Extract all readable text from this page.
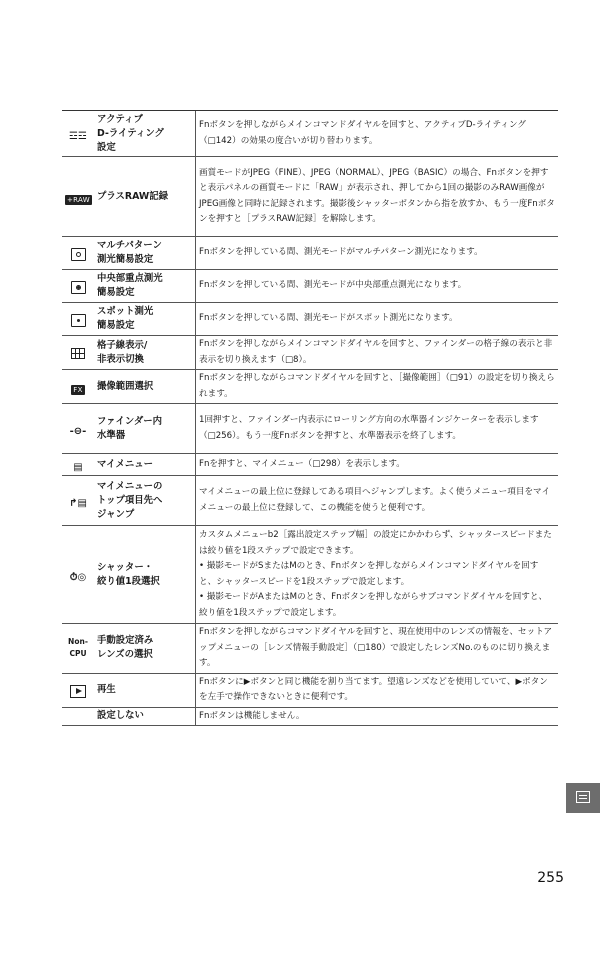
☲☲	アクティブ
D-ライティング
設定	Fnボタンを押しながらメインコマンドダイヤルを回すと、アクティブD-ライティング（□142）の効果の度合いが切り替わります。
+RAW	プラスRAW記録	画質モードがJPEG（FINE）、JPEG（NORMAL）、JPEG（BASIC）の場合、Fnボタンを押すと表示パネルの画質モードに「RAW」が表示され、押してから1回の撮影のみRAW画像がJPEG画像と同時に記録されます。撮影後シャッターボタンから指を放すか、もう一度Fnボタンを押すと［プラスRAW記録］を解除します。

	マルチパターン
測光簡易設定	Fnボタンを押している間、測光モードがマルチパターン測光になります。

	中央部重点測光
簡易設定	Fnボタンを押している間、測光モードが中央部重点測光になります。

	スポット測光
簡易設定	Fnボタンを押している間、測光モードがスポット測光になります。
	格子線表示/
非表示切換	Fnボタンを押しながらメインコマンドダイヤルを回すと、ファインダーの格子線の表示と非表示を切り換えます（□8）。
FX	撮像範囲選択	Fnボタンを押しながらコマンドダイヤルを回すと、［撮像範囲］（□91）の設定を切り換えられます。
-⊖-	ファインダー内
水準器	1回押すと、ファインダー内表示にローリング方向の水準器インジケーターを表示します（□256）。もう一度Fnボタンを押すと、水準器表示を終了します。
▤	マイメニュー	Fnを押すと、マイメニュー（□298）を表示します。
↱▤	マイメニューの
トップ項目先へ
ジャンプ	マイメニューの最上位に登録してある項目へジャンプします。よく使うメニュー項目をマイメニューの最上位に登録して、この機能を使うと便利です。
⏱◎	シャッター・
絞り値1段選択	カスタムメニューb2［露出設定ステップ幅］の設定にかかわらず、シャッタースピードまたは絞り値を1段ステップで設定できます。
• 撮影モードがSまたはMのとき、Fnボタンを押しながらメインコマンドダイヤルを回すと、シャッタースピードを1段ステップで設定します。
• 撮影モードがAまたはMのとき、Fnボタンを押しながらサブコマンドダイヤルを回すと、絞り値を1段ステップで設定します。
Non-CPU	手動設定済み
レンズの選択	Fnボタンを押しながらコマンドダイヤルを回すと、現在使用中のレンズの情報を、セットアップメニューの［レンズ情報手動設定］（□180）で設定したレンズNo.のものに切り換えます。
	再生	Fnボタンに▶ボタンと同じ機能を割り当てます。望遠レンズなどを使用していて、▶ボタンを左手で操作できないときに便利です。
	設定しない	Fnボタンは機能しません。
255
